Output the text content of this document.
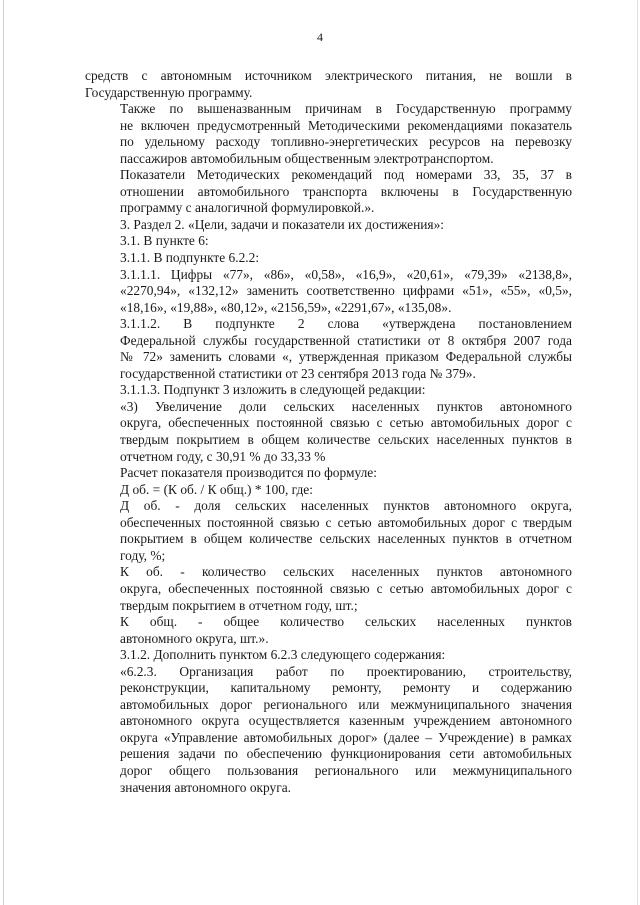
4
средств с автономным источником электрического питания, не вошли в
Государственную программу.
Также по вышеназванным причинам в Государственную программу
не включен предусмотренный Методическими рекомендациями показатель
по удельному расходу топливно-энергетических ресурсов на перевозку
пассажиров автомобильным общественным электротранспортом.
Показатели Методических рекомендаций под номерами 33, 35, 37 в
отношении автомобильного транспорта включены в Государственную
программу с аналогичной формулировкой.».
3. Раздел 2. «Цели, задачи и показатели их достижения»:
3.1. В пункте 6:
3.1.1. В подпункте 6.2.2:
3.1.1.1. Цифры «77», «86», «0,58», «16,9», «20,61», «79,39» «2138,8»,
«2270,94», «132,12» заменить соответственно цифрами «51», «55», «0,5»,
«18,16», «19,88», «80,12», «2156,59», «2291,67», «135,08».
3.1.1.2. В подпункте 2 слова «утверждена постановлением
Федеральной службы государственной статистики от 8 октября 2007 года
№ 72» заменить словами «, утвержденная приказом Федеральной службы
государственной статистики от 23 сентября 2013 года № 379».
3.1.1.3. Подпункт 3 изложить в следующей редакции:
«3) Увеличение доли сельских населенных пунктов автономного
округа, обеспеченных постоянной связью с сетью автомобильных дорог с
твердым покрытием в общем количестве сельских населенных пунктов в
отчетном году, с 30,91 % до 33,33 %
Расчет показателя производится по формуле:
Д об. = (К об. / К общ.) * 100, где:
Д об. - доля сельских населенных пунктов автономного округа,
обеспеченных постоянной связью с сетью автомобильных дорог с твердым
покрытием в общем количестве сельских населенных пунктов в отчетном
году, %;
К об. - количество сельских населенных пунктов автономного
округа, обеспеченных постоянной связью с сетью автомобильных дорог с
твердым покрытием в отчетном году, шт.;
К общ. - общее количество сельских населенных пунктов
автономного округа, шт.».
3.1.2. Дополнить пунктом 6.2.3 следующего содержания:
«6.2.3. Организация работ по проектированию, строительству,
реконструкции, капитальному ремонту, ремонту и содержанию
автомобильных дорог регионального или межмуниципального значения
автономного округа осуществляется казенным учреждением автономного
округа «Управление автомобильных дорог» (далее – Учреждение) в рамках
решения задачи по обеспечению функционирования сети автомобильных
дорог общего пользования регионального или межмуниципального
значения автономного округа.
